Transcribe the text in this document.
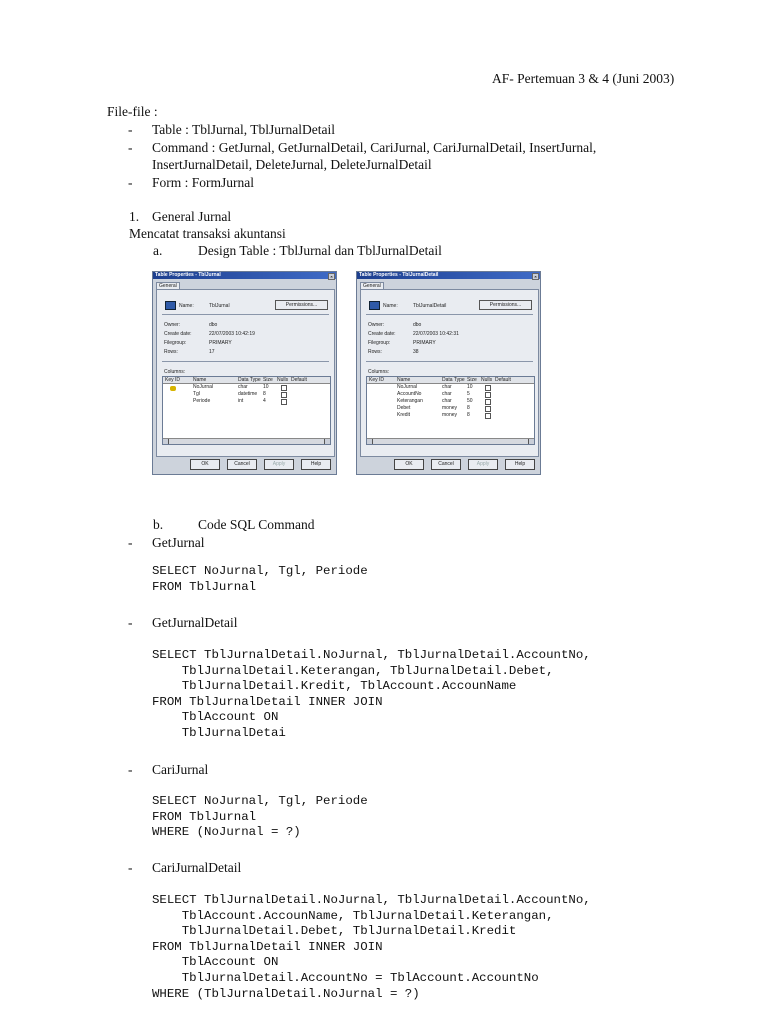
AF- Pertemuan 3 & 4 (Juni 2003)
File-file :
- Table : TblJurnal, TblJurnalDetail
- Command : GetJurnal, GetJurnalDetail, CariJurnal, CariJurnalDetail, InsertJurnal,
InsertJurnalDetail, DeleteJurnal, DeleteJurnalDetail
- Form : FormJurnal
1. General Jurnal
Mencatat transaksi akuntansi
a.	Design Table : TblJurnal dan TblJurnalDetail
Table Properties - TblJurnal	×
General
Name:	TblJurnal	Permissions...
Owner:	dbo
Create date:	22/07/2003 10:42:19
Filegroup:	PRIMARY
Rows:	17
Columns:
Key ID	Name	Data Type Size Nulls Default
NoJurnal	char	10
Tgl	datetime 8
Periode	int	4
OK	Cancel	Apply	Help
Table Properties - TblJurnalDetail	×
General
Name:	TblJurnalDetail	Permissions...
Owner:	dbo
Create date:	22/07/2003 10:42:31
Filegroup:	PRIMARY
Rows:	38
Columns:
Key ID	Name	Data Type Size Nulls Default
NoJurnal	char	10
AccountNo	char	5
Keterangan	char	50
Debet	money 8
Kredit	money 8
OK	Cancel	Apply	Help
b.	Code SQL Command
- GetJurnal
SELECT NoJurnal, Tgl, Periode
FROM TblJurnal
- GetJurnalDetail
SELECT TblJurnalDetail.NoJurnal, TblJurnalDetail.AccountNo,
TblJurnalDetail.Keterangan, TblJurnalDetail.Debet,
TblJurnalDetail.Kredit, TblAccount.AccounName
FROM TblJurnalDetail INNER JOIN
TblAccount ON
TblJurnalDetai
- CariJurnal
SELECT NoJurnal, Tgl, Periode
FROM TblJurnal
WHERE (NoJurnal = ?)
- CariJurnalDetail
SELECT TblJurnalDetail.NoJurnal, TblJurnalDetail.AccountNo,
TblAccount.AccounName, TblJurnalDetail.Keterangan,
TblJurnalDetail.Debet, TblJurnalDetail.Kredit
FROM TblJurnalDetail INNER JOIN
TblAccount ON
TblJurnalDetail.AccountNo = TblAccount.AccountNo
WHERE (TblJurnalDetail.NoJurnal = ?)
